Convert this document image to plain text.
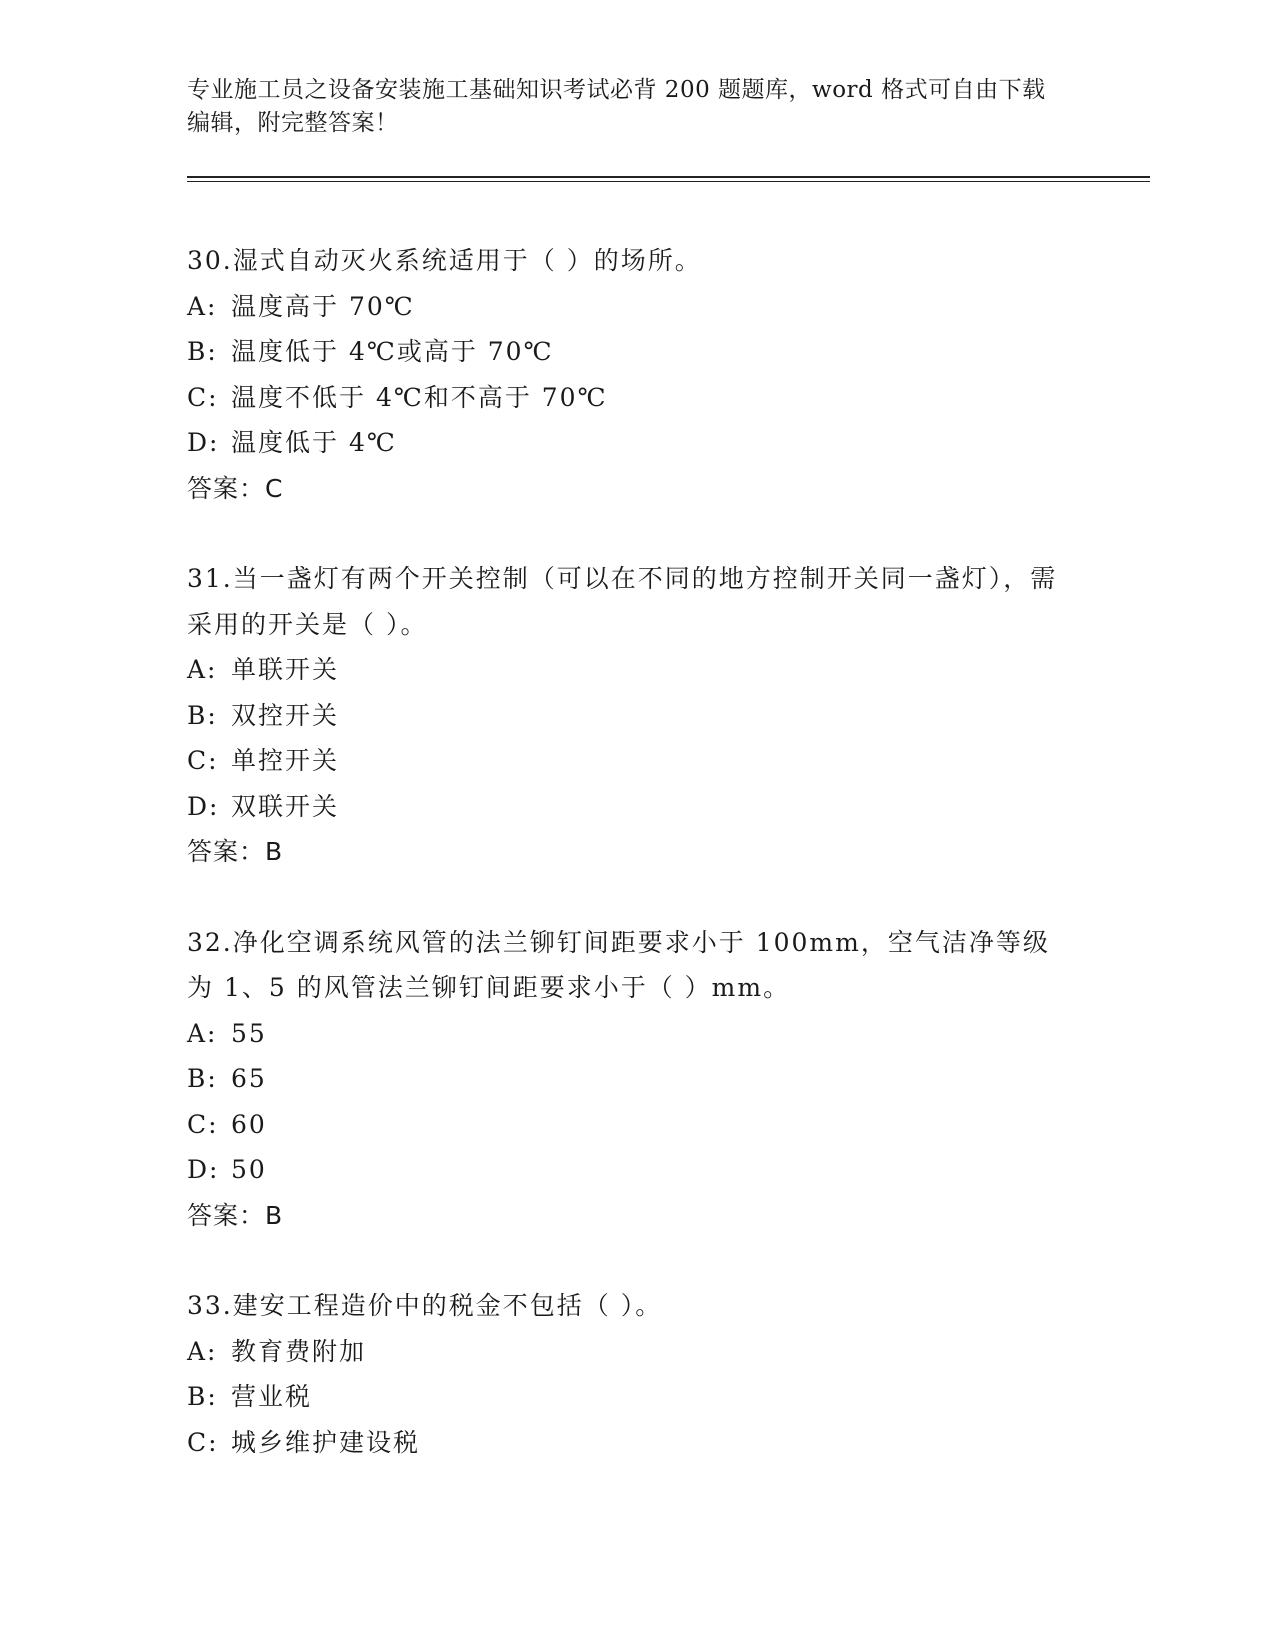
专业施工员之设备安装施工基础知识考试必背 200 题题库，word 格式可自由下载编辑，附完整答案！
30.湿式自动灭火系统适用于（ ）的场所。
A: 温度高于 70℃
B: 温度低于 4℃或高于 70℃
C: 温度不低于 4℃和不高于 70℃
D: 温度低于 4℃
答案：C
31.当一盏灯有两个开关控制（可以在不同的地方控制开关同一盏灯），需采用的开关是（ ）。
A: 单联开关
B: 双控开关
C: 单控开关
D: 双联开关
答案：B
32.净化空调系统风管的法兰铆钉间距要求小于 100mm，空气洁净等级为 1、5 的风管法兰铆钉间距要求小于（ ）mm。
A: 55
B: 65
C: 60
D: 50
答案：B
33.建安工程造价中的税金不包括（ ）。
A: 教育费附加
B: 营业税
C: 城乡维护建设税
